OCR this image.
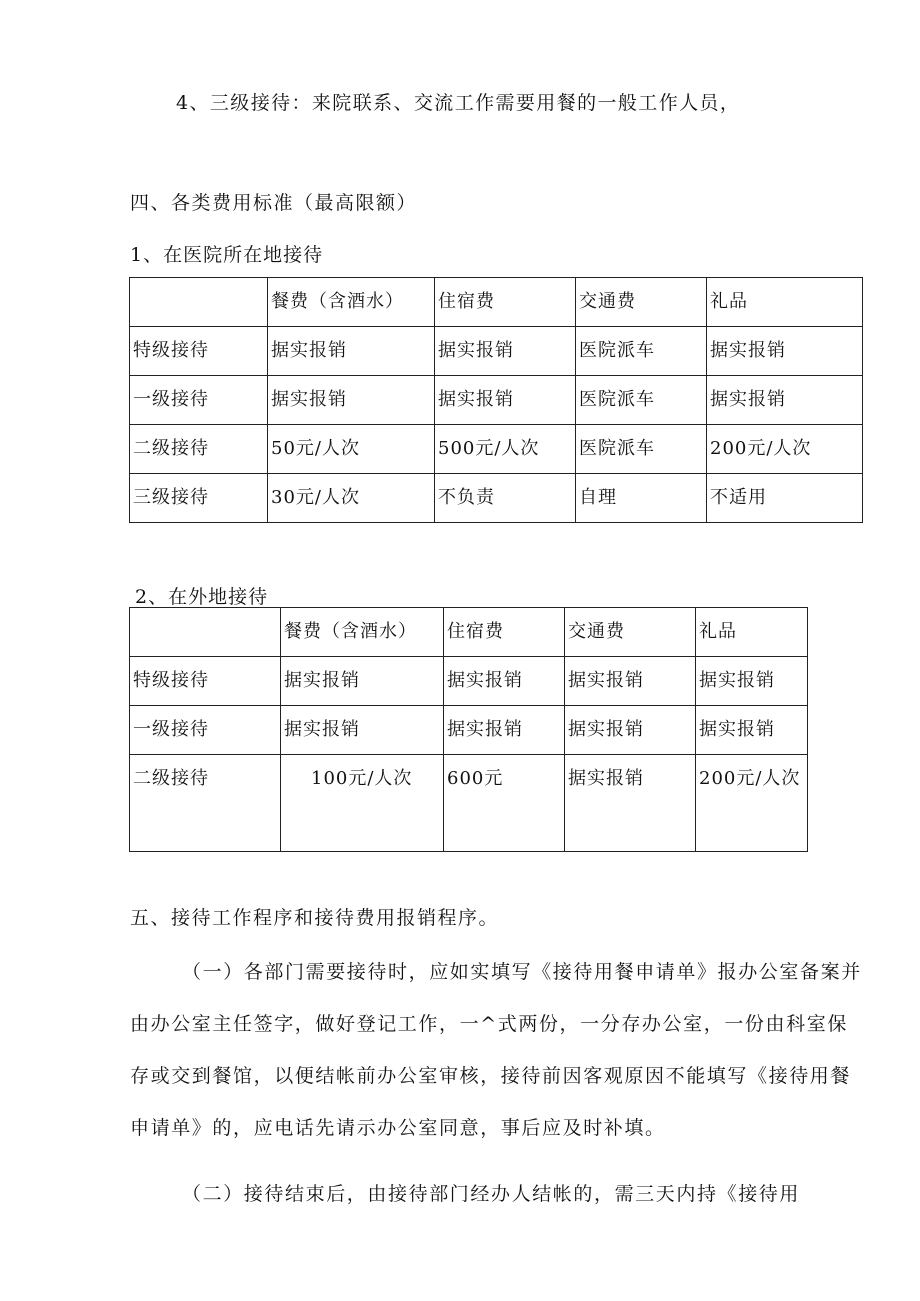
4、三级接待：来院联系、交流工作需要用餐的一般工作人员，
四、各类费用标准（最高限额）
1、在医院所在地接待
	餐费（含酒水）	住宿费	交通费	礼品
特级接待	据实报销	据实报销	医院派车	据实报销
一级接待	据实报销	据实报销	医院派车	据实报销
二级接待	50元/人次	500元/人次	医院派车	200元/人次
三级接待	30元/人次	不负责	自理	不适用
2、在外地接待
	餐费（含酒水）	住宿费	交通费	礼品
特级接待	据实报销	据实报销	据实报销	据实报销
一级接待	据实报销	据实报销	据实报销	据实报销
二级接待	100元/人次	600元	据实报销	200元/人次
五、接待工作程序和接待费用报销程序。
（一）各部门需要接待时，应如实填写《接待用餐申请单》报办公室备案并由办公室主任签字，做好登记工作，一^式两份，一分存办公室，一份由科室保存或交到餐馆，以便结帐前办公室审核，接待前因客观原因不能填写《接待用餐申请单》的，应电话先请示办公室同意，事后应及时补填。
（二）接待结束后，由接待部门经办人结帐的，需三天内持《接待用
